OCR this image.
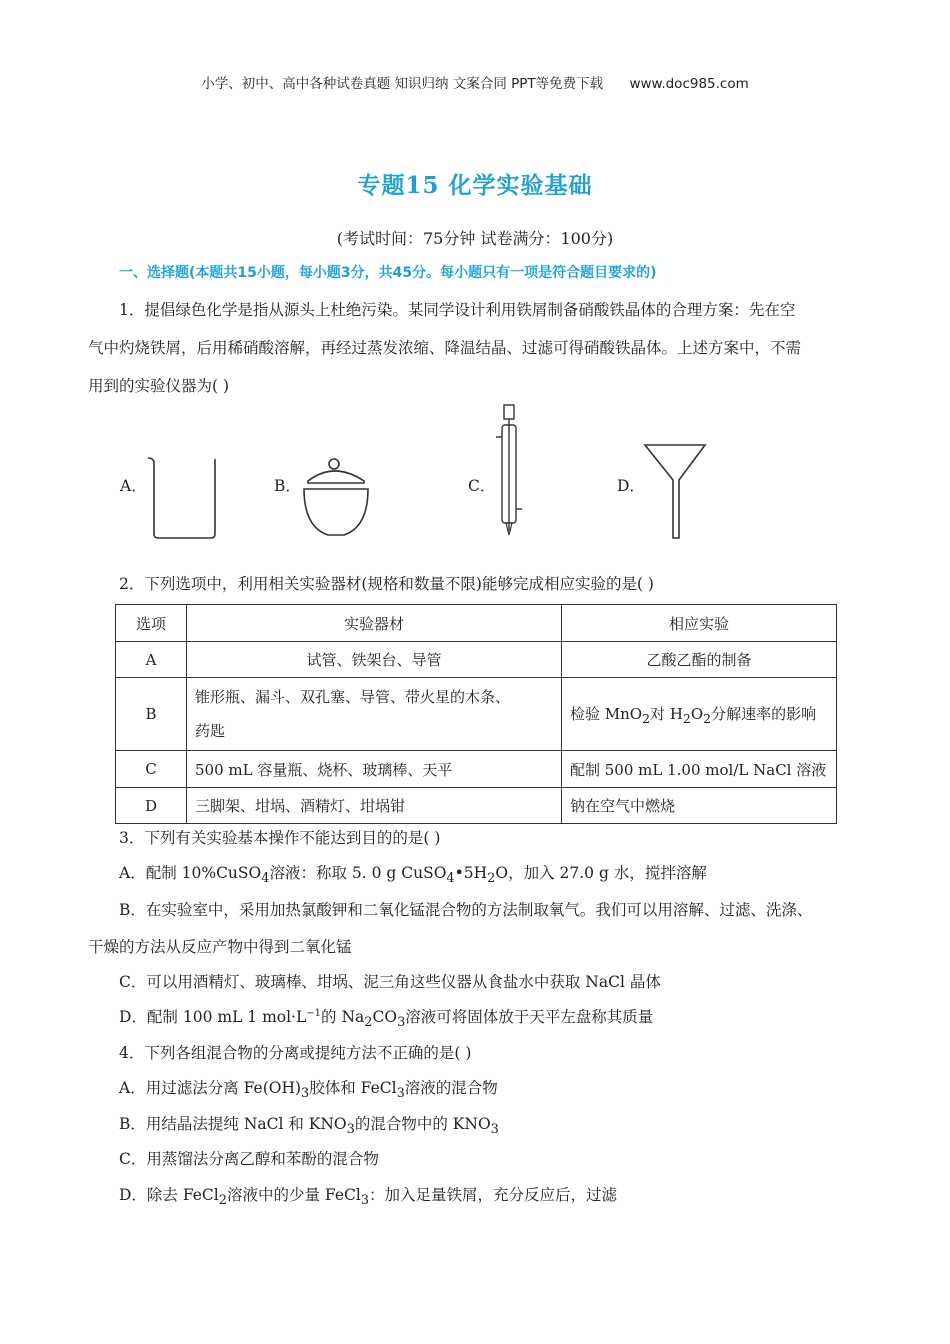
小学、初中、高中各种试卷真题 知识归纳 文案合同 PPT等免费下载 www.doc985.com
专题15 化学实验基础
(考试时间：75分钟 试卷满分：100分)
一、选择题(本题共15小题，每小题3分，共45分。每小题只有一项是符合题目要求的)
1．提倡绿色化学是指从源头上杜绝污染。某同学设计利用铁屑制备硝酸铁晶体的合理方案：先在空
气中灼烧铁屑，后用稀硝酸溶解，再经过蒸发浓缩、降温结晶、过滤可得硝酸铁晶体。上述方案中，不需
用到的实验仪器为( )
A．	B．	C．	D．
2．下列选项中，利用相关实验器材(规格和数量不限)能够完成相应实验的是( )
选项	实验器材	相应实验
A	试管、铁架台、导管	乙酸乙酯的制备
B	锥形瓶、漏斗、双孔塞、导管、带火星的木条、
药匙	检验 MnO$_2$对 $H_2O_2$分解速率的影响
C	500 mL 容量瓶、烧杯、玻璃棒、天平	配制 500 mL 1.00 mol/L NaCl 溶液
D	三脚架、坩埚、酒精灯、坩埚钳	钠在空气中燃烧
3．下列有关实验基本操作不能达到目的的是( )
A．配制 10%CuSO$_4$溶液：称取 5. 0 g $CuSO_4•5H_2O$，加入 27.0 g 水，搅拌溶解
B．在实验室中，采用加热氯酸钾和二氧化锰混合物的方法制取氧气。我们可以用溶解、过滤、洗涤、
干燥的方法从反应产物中得到二氧化锰
C．可以用酒精灯、玻璃棒、坩埚、泥三角这些仪器从食盐水中获取 NaCl 晶体
D．配制 100 mL 1 $mol\cdot L^{-1}$的 $Na_2CO_3$溶液可将固体放于天平左盘称其质量
4．下列各组混合物的分离或提纯方法不正确的是( )
A．用过滤法分离 $Fe(OH)_3$胶体和 FeCl$_3$溶液的混合物
B．用结晶法提纯 NaCl 和 $KNO_3$的混合物中的 $KNO_3$
C．用蒸馏法分离乙醇和苯酚的混合物
D．除去 FeCl$_2$溶液中的少量 FeCl$_3$：加入足量铁屑，充分反应后，过滤
